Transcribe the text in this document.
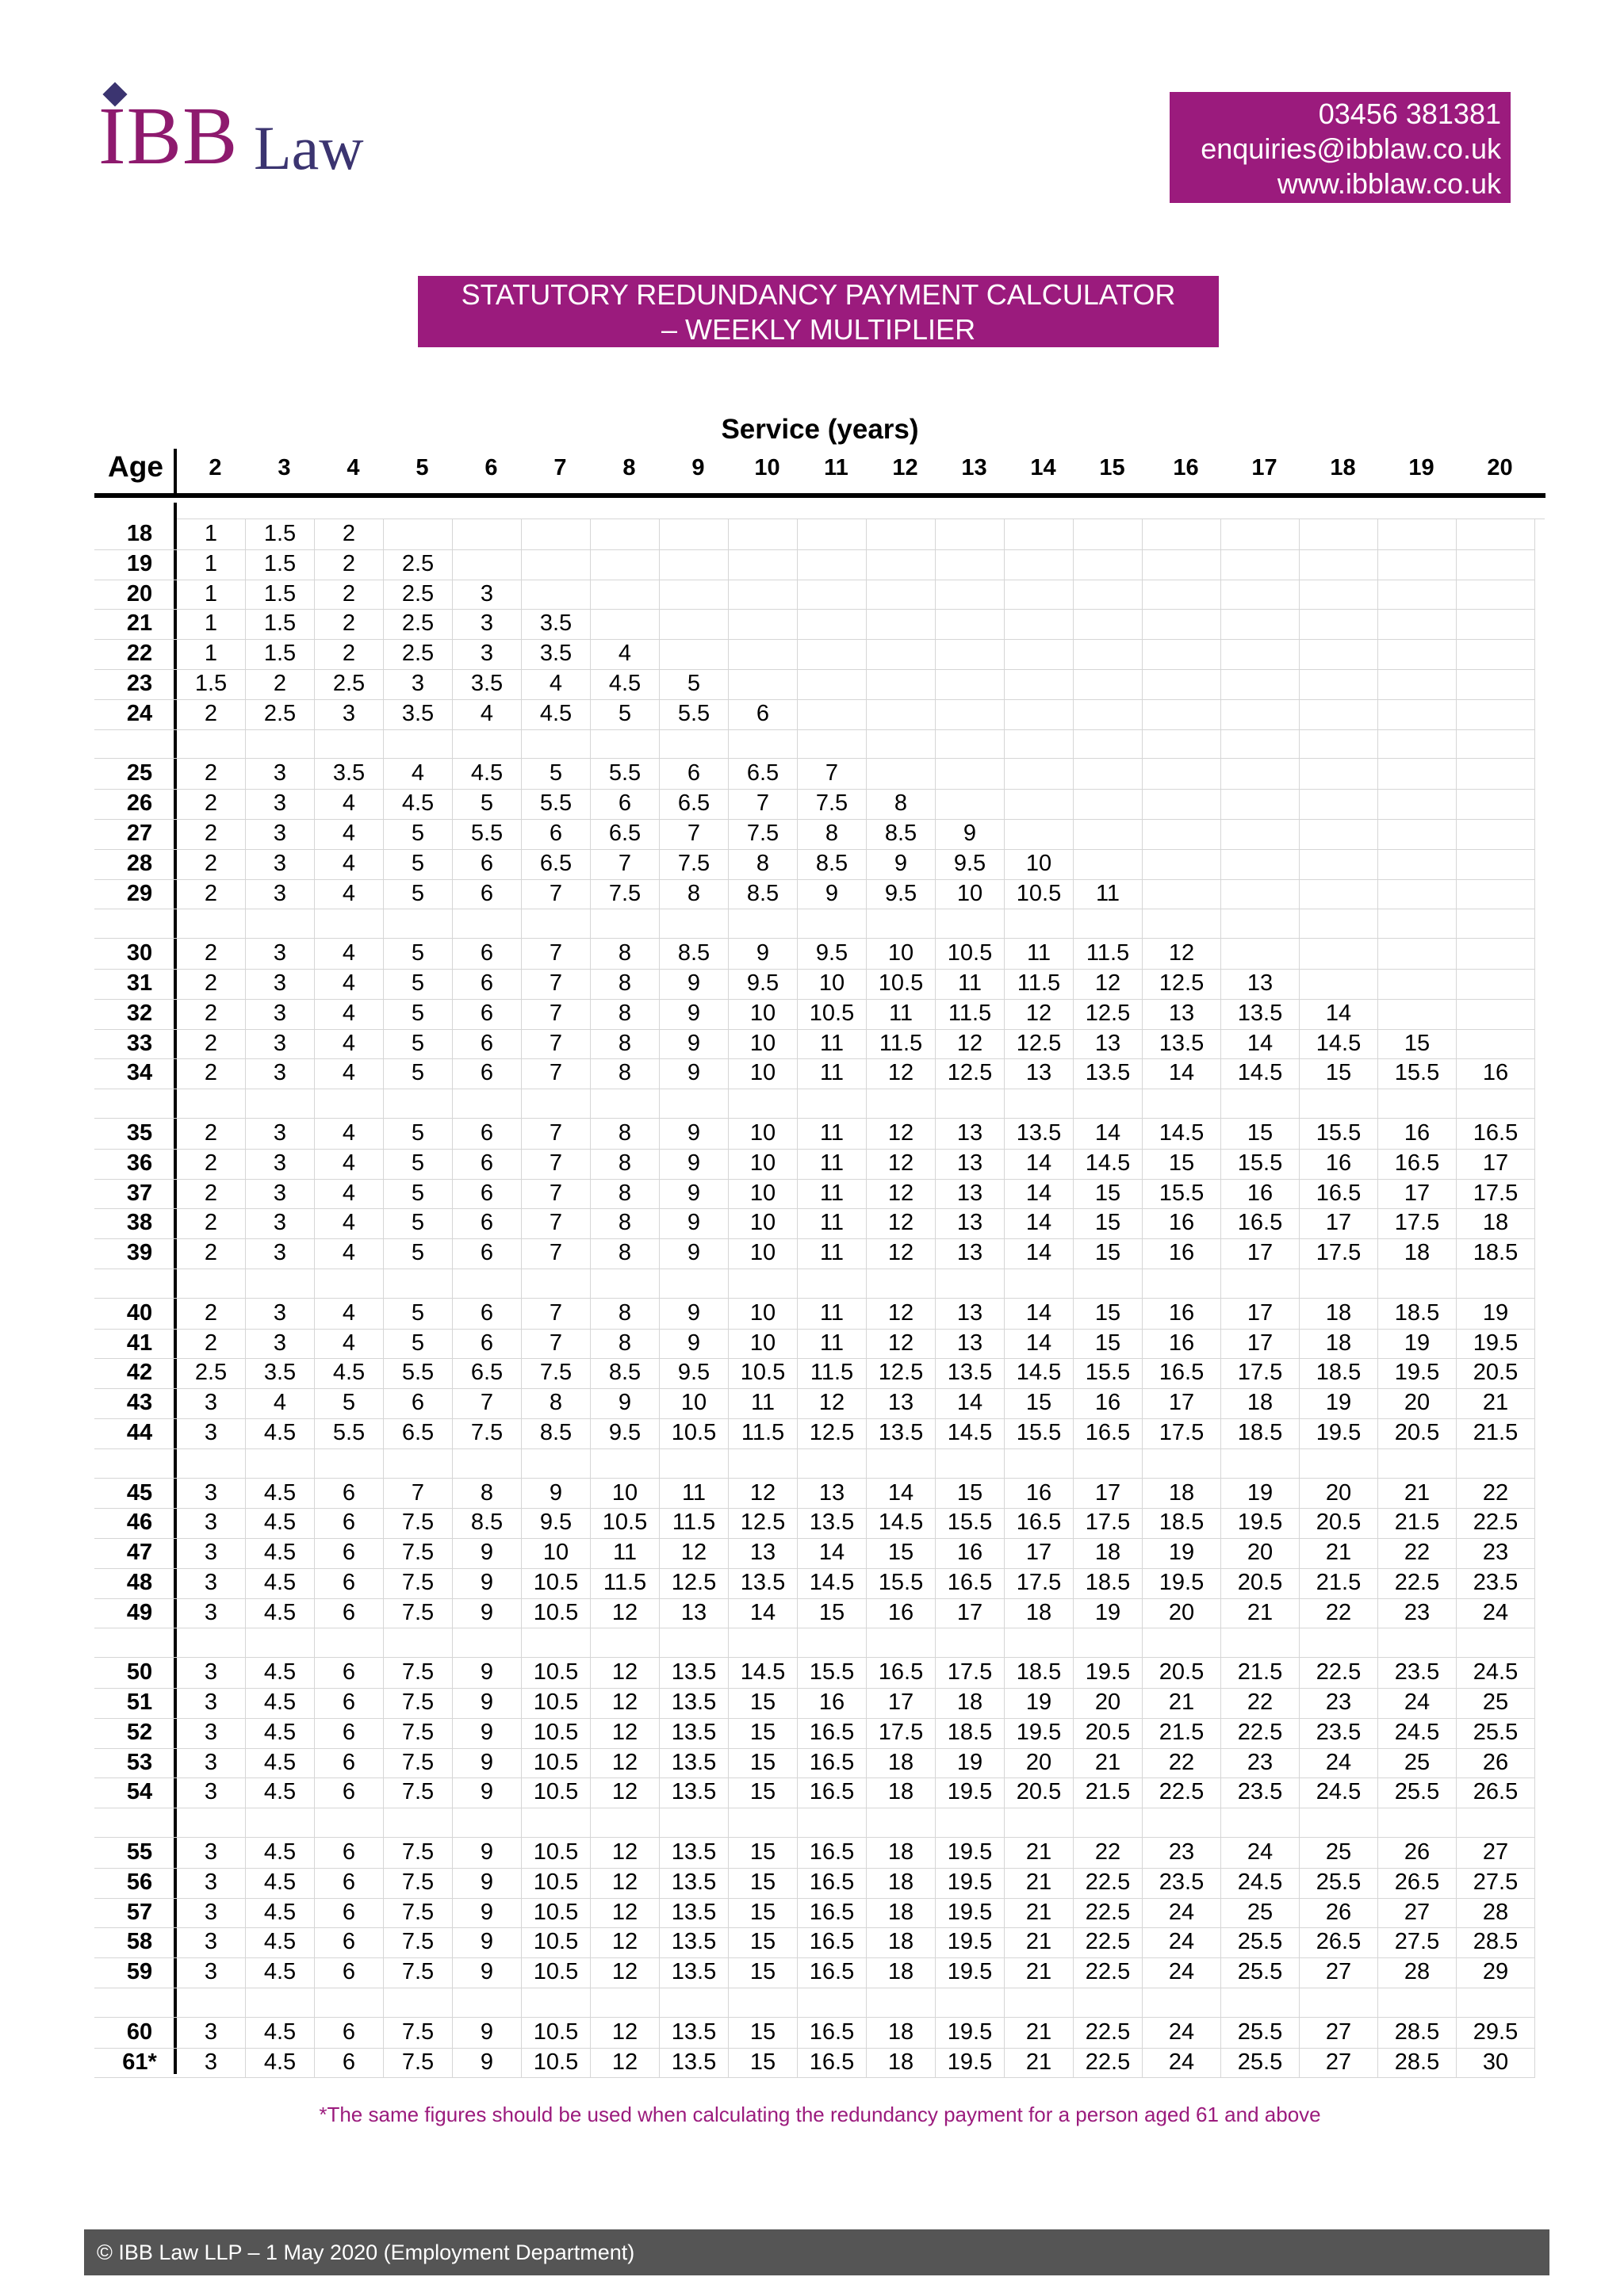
IBB Law	03456 381381
enquiries@ibblaw.co.uk
www.ibblaw.co.uk
STATUTORY REDUNDANCY PAYMENT CALCULATOR
– WEEKLY MULTIPLIER
Service (years)
Age	2	3	4	5	6	7	8	9	10	11	12	13	14	15	16	17	18	19	20
18	1	1.5	2
19	1	1.5	2	2.5
20	1	1.5	2	2.5	3
21	1	1.5	2	2.5	3	3.5
22	1	1.5	2	2.5	3	3.5	4
23	1.5	2	2.5	3	3.5	4	4.5	5
24	2	2.5	3	3.5	4	4.5	5	5.5	6
25	2	3	3.5	4	4.5	5	5.5	6	6.5	7
26	2	3	4	4.5	5	5.5	6	6.5	7	7.5	8
27	2	3	4	5	5.5	6	6.5	7	7.5	8	8.5	9
28	2	3	4	5	6	6.5	7	7.5	8	8.5	9	9.5	10
29	2	3	4	5	6	7	7.5	8	8.5	9	9.5	10	10.5	11
30	2	3	4	5	6	7	8	8.5	9	9.5	10	10.5	11	11.5	12
31	2	3	4	5	6	7	8	9	9.5	10	10.5	11	11.5	12	12.5	13
32	2	3	4	5	6	7	8	9	10	10.5	11	11.5	12	12.5	13	13.5	14
33	2	3	4	5	6	7	8	9	10	11	11.5	12	12.5	13	13.5	14	14.5	15
34	2	3	4	5	6	7	8	9	10	11	12	12.5	13	13.5	14	14.5	15	15.5	16
35	2	3	4	5	6	7	8	9	10	11	12	13	13.5	14	14.5	15	15.5	16	16.5
36	2	3	4	5	6	7	8	9	10	11	12	13	14	14.5	15	15.5	16	16.5	17
37	2	3	4	5	6	7	8	9	10	11	12	13	14	15	15.5	16	16.5	17	17.5
38	2	3	4	5	6	7	8	9	10	11	12	13	14	15	16	16.5	17	17.5	18
39	2	3	4	5	6	7	8	9	10	11	12	13	14	15	16	17	17.5	18	18.5
40	2	3	4	5	6	7	8	9	10	11	12	13	14	15	16	17	18	18.5	19
41	2	3	4	5	6	7	8	9	10	11	12	13	14	15	16	17	18	19	19.5
42	2.5	3.5	4.5	5.5	6.5	7.5	8.5	9.5	10.5	11.5	12.5	13.5	14.5	15.5	16.5	17.5	18.5	19.5	20.5
43	3	4	5	6	7	8	9	10	11	12	13	14	15	16	17	18	19	20	21
44	3	4.5	5.5	6.5	7.5	8.5	9.5	10.5	11.5	12.5	13.5	14.5	15.5	16.5	17.5	18.5	19.5	20.5	21.5
45	3	4.5	6	7	8	9	10	11	12	13	14	15	16	17	18	19	20	21	22
46	3	4.5	6	7.5	8.5	9.5	10.5	11.5	12.5	13.5	14.5	15.5	16.5	17.5	18.5	19.5	20.5	21.5	22.5
47	3	4.5	6	7.5	9	10	11	12	13	14	15	16	17	18	19	20	21	22	23
48	3	4.5	6	7.5	9	10.5	11.5	12.5	13.5	14.5	15.5	16.5	17.5	18.5	19.5	20.5	21.5	22.5	23.5
49	3	4.5	6	7.5	9	10.5	12	13	14	15	16	17	18	19	20	21	22	23	24
50	3	4.5	6	7.5	9	10.5	12	13.5	14.5	15.5	16.5	17.5	18.5	19.5	20.5	21.5	22.5	23.5	24.5
51	3	4.5	6	7.5	9	10.5	12	13.5	15	16	17	18	19	20	21	22	23	24	25
52	3	4.5	6	7.5	9	10.5	12	13.5	15	16.5	17.5	18.5	19.5	20.5	21.5	22.5	23.5	24.5	25.5
53	3	4.5	6	7.5	9	10.5	12	13.5	15	16.5	18	19	20	21	22	23	24	25	26
54	3	4.5	6	7.5	9	10.5	12	13.5	15	16.5	18	19.5	20.5	21.5	22.5	23.5	24.5	25.5	26.5
55	3	4.5	6	7.5	9	10.5	12	13.5	15	16.5	18	19.5	21	22	23	24	25	26	27
56	3	4.5	6	7.5	9	10.5	12	13.5	15	16.5	18	19.5	21	22.5	23.5	24.5	25.5	26.5	27.5
57	3	4.5	6	7.5	9	10.5	12	13.5	15	16.5	18	19.5	21	22.5	24	25	26	27	28
58	3	4.5	6	7.5	9	10.5	12	13.5	15	16.5	18	19.5	21	22.5	24	25.5	26.5	27.5	28.5
59	3	4.5	6	7.5	9	10.5	12	13.5	15	16.5	18	19.5	21	22.5	24	25.5	27	28	29
60	3	4.5	6	7.5	9	10.5	12	13.5	15	16.5	18	19.5	21	22.5	24	25.5	27	28.5	29.5
61*	3	4.5	6	7.5	9	10.5	12	13.5	15	16.5	18	19.5	21	22.5	24	25.5	27	28.5	30
*The same figures should be used when calculating the redundancy payment for a person aged 61 and above
© IBB Law LLP – 1 May 2020 (Employment Department)
